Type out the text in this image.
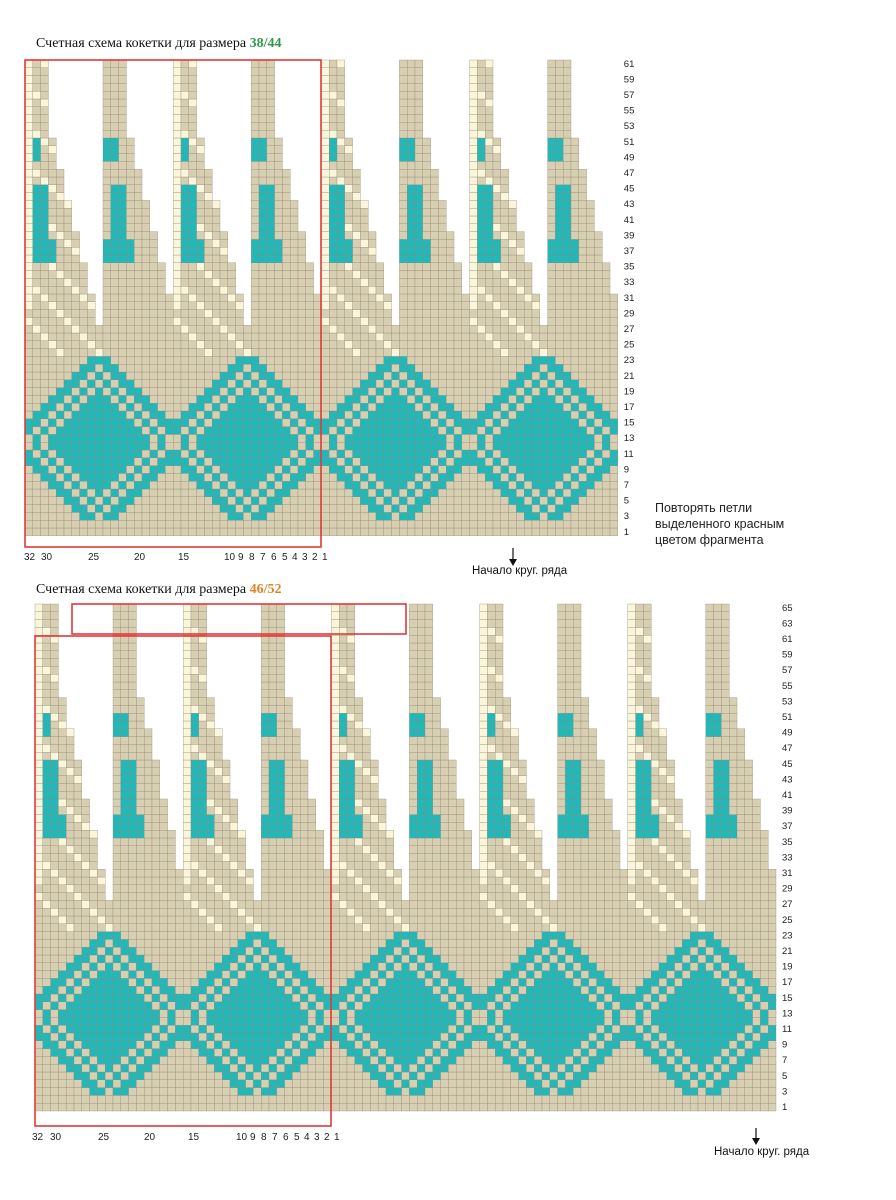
Счетная схема кокетки для размера 38/44
Счетная схема кокетки для размера 46/52
61
59
57
55
53
51
49
47
45
43
41
39
37
35
33
31
29
27
25
23
21
19
17
15
13
11
9
7
5
3
1
32 30	25	20	15	10 9 8 7 6 5 4 3 2 1
65
63
61
59
57
55
53
51
49
47
45
43
41
39
37
35
33
31
29
27
25
23
21
19
17
15
13
11
9
7
5
3
1
32 30	25	20	15	10 9 8 7 6 5 4 3 2 1
Повторять петли
выделенного красным
цветом фрагмента
Начало круг. ряда
Начало круг. ряда
